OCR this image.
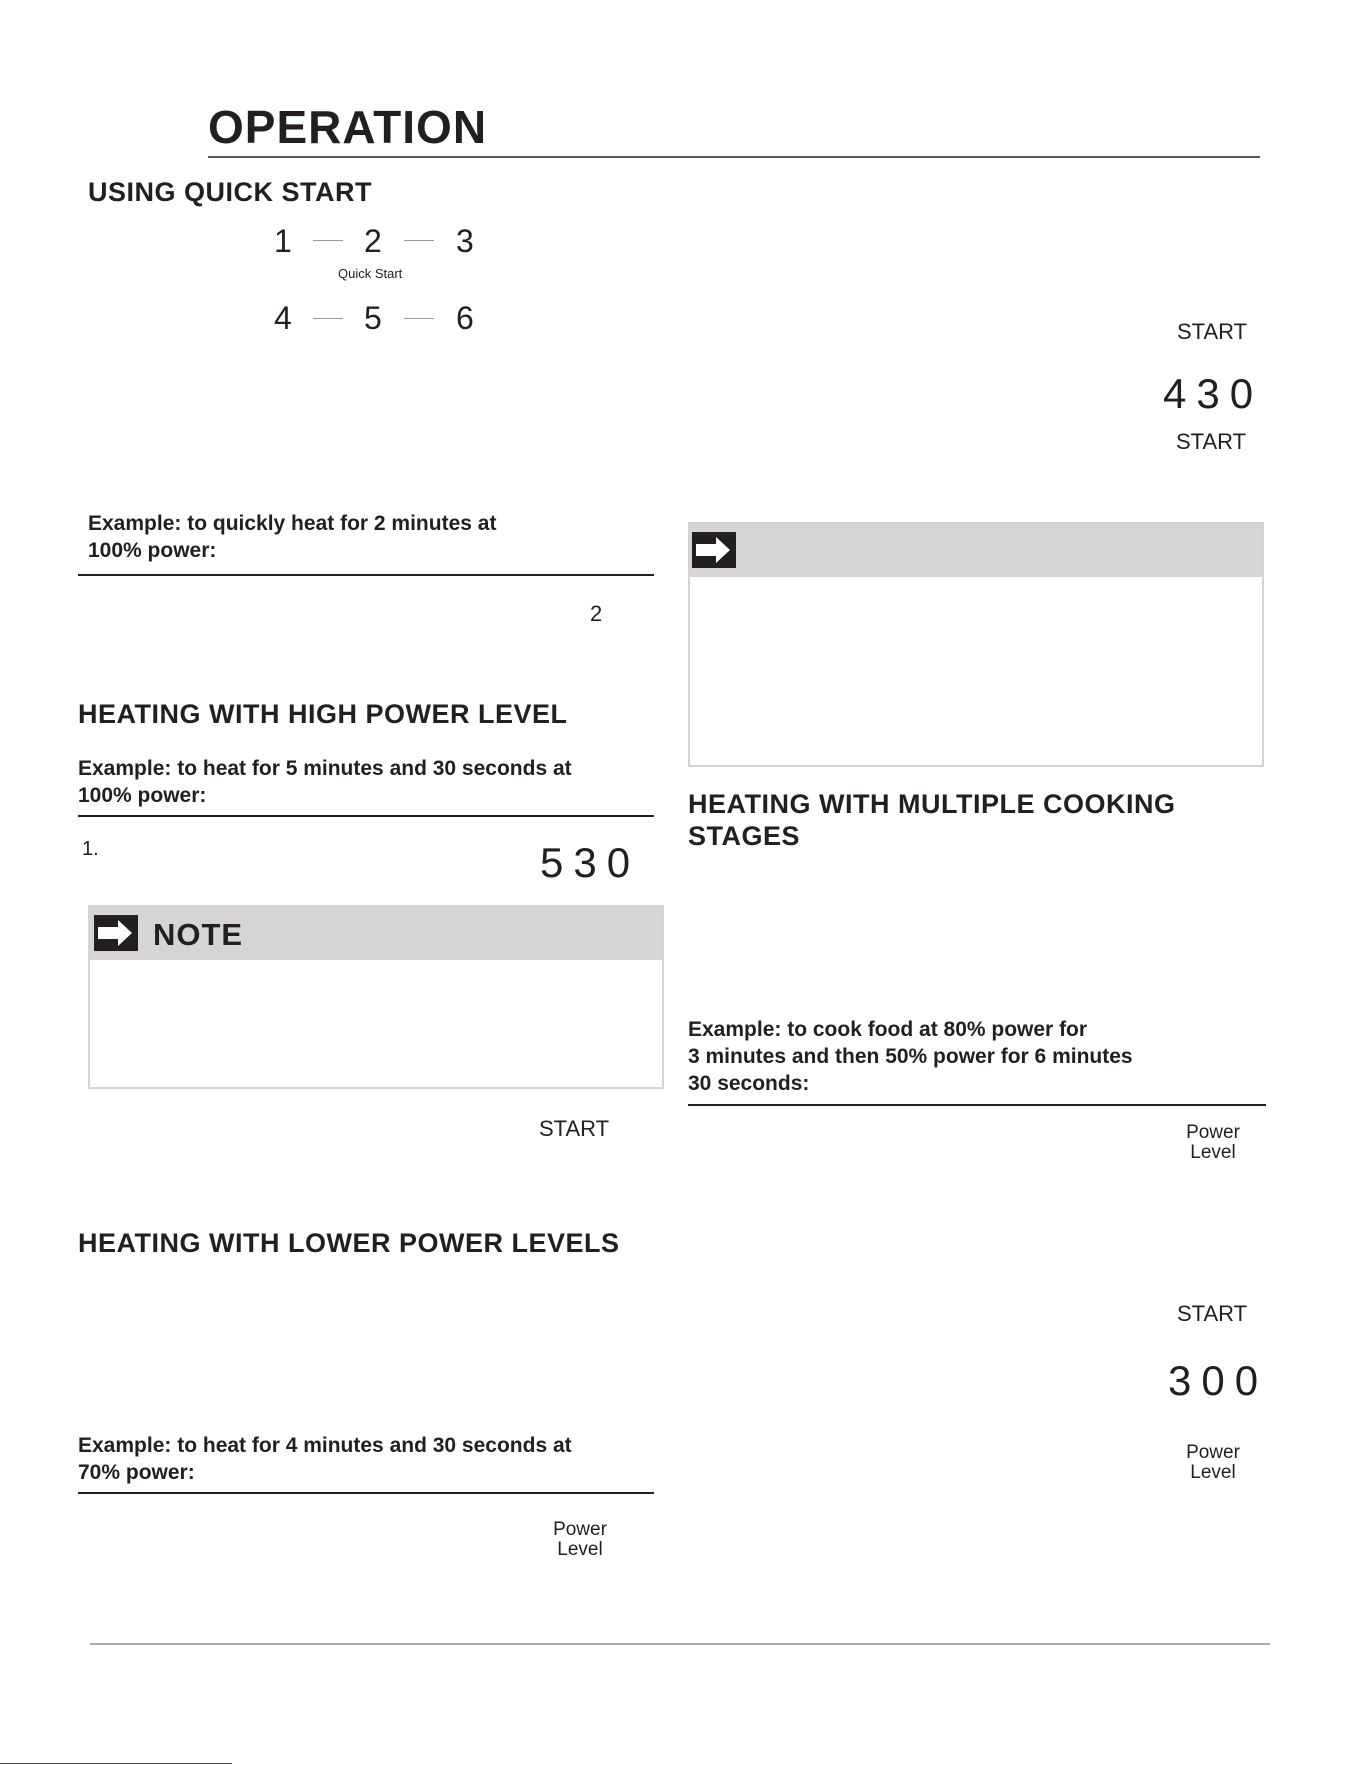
OPERATION
USING QUICK START
1 2 3
Quick Start
4 5 6
Example: to quickly heat for 2 minutes at
100% power:
2
HEATING WITH HIGH POWER LEVEL
Example: to heat for 5 minutes and 30 seconds at
100% power:
1.	530
NOTE
START
HEATING WITH LOWER POWER LEVELS
Example: to heat for 4 minutes and 30 seconds at
70% power:
Power
Level
START
430
START
HEATING WITH MULTIPLE COOKING
STAGES
Example: to cook food at 80% power for
3 minutes and then 50% power for 6 minutes
30 seconds:
Power
Level
START
300
Power
Level
